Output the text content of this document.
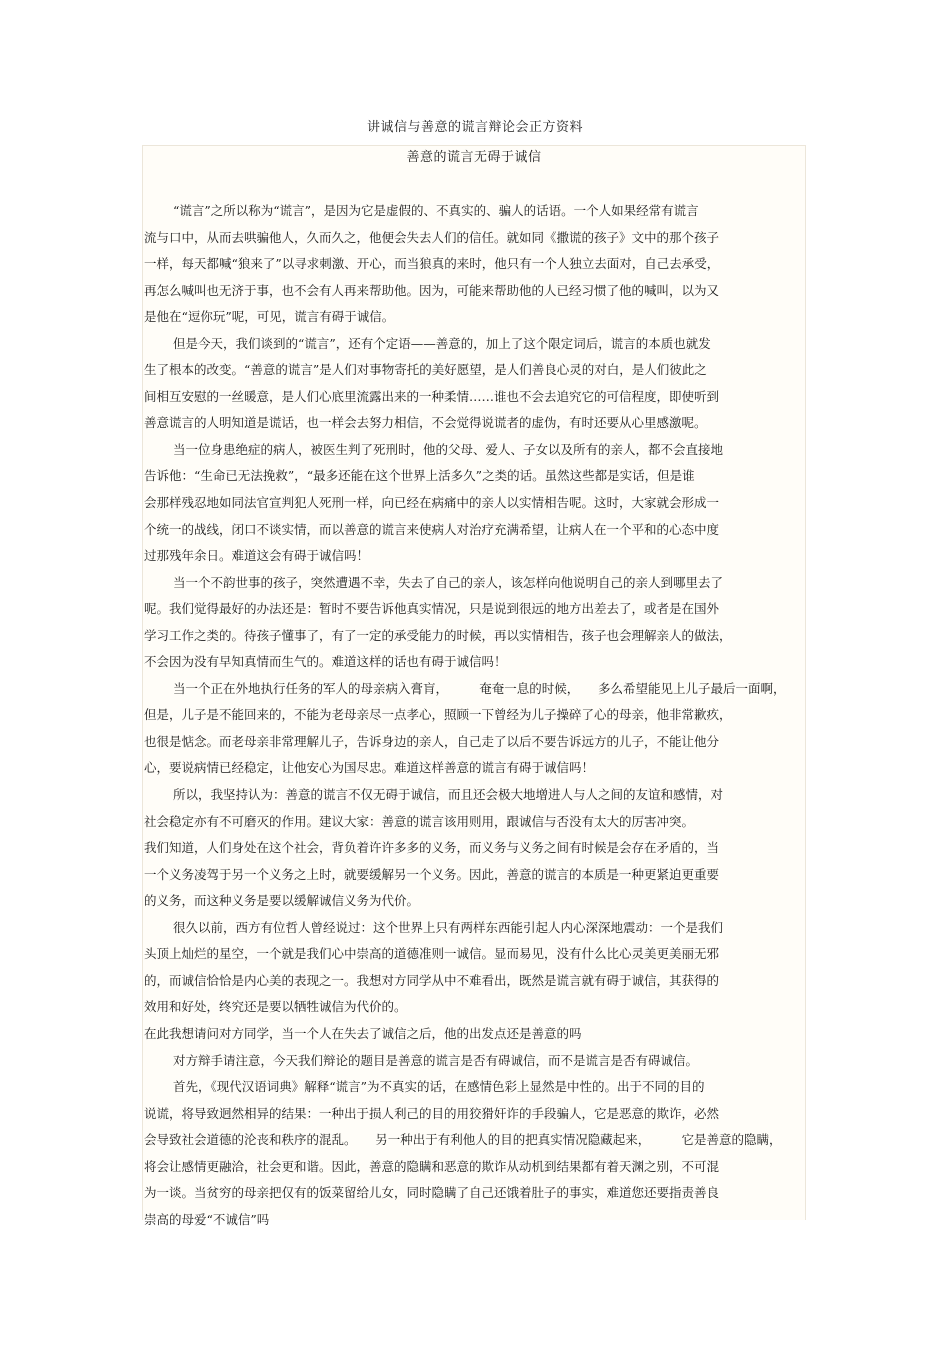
讲诚信与善意的谎言辩论会正方资料
善意的谎言无碍于诚信
“谎言”之所以称为“谎言”，是因为它是虚假的、不真实的、骗人的话语。一个人如果经常有谎言
流与口中，从而去哄骗他人，久而久之，他便会失去人们的信任。就如同《撒谎的孩子》文中的那个孩子
一样，每天都喊“狼来了”以寻求刺激、开心，而当狼真的来时，他只有一个人独立去面对，自己去承受，
再怎么喊叫也无济于事，也不会有人再来帮助他。因为，可能来帮助他的人已经习惯了他的喊叫，以为又
是他在“逗你玩”呢，可见，谎言有碍于诚信。
但是今天，我们谈到的“谎言”，还有个定语——善意的，加上了这个限定词后，谎言的本质也就发
生了根本的改变。“善意的谎言”是人们对事物寄托的美好愿望，是人们善良心灵的对白，是人们彼此之
间相互安慰的一丝暖意，是人们心底里流露出来的一种柔情……谁也不会去追究它的可信程度，即使听到
善意谎言的人明知道是谎话，也一样会去努力相信，不会觉得说谎者的虚伪，有时还要从心里感激呢。
当一位身患绝症的病人，被医生判了死刑时，他的父母、爱人、子女以及所有的亲人，都不会直接地
告诉他：“生命已无法挽救”，“最多还能在这个世界上活多久”之类的话。虽然这些都是实话，但是谁
会那样残忍地如同法官宣判犯人死刑一样，向已经在病痛中的亲人以实情相告呢。这时，大家就会形成一
个统一的战线，闭口不谈实情，而以善意的谎言来使病人对治疗充满希望，让病人在一个平和的心态中度
过那残年余日。难道这会有碍于诚信吗！
当一个不韵世事的孩子，突然遭遇不幸，失去了自己的亲人，该怎样向他说明自己的亲人到哪里去了
呢。我们觉得最好的办法还是：暂时不要告诉他真实情况，只是说到很远的地方出差去了，或者是在国外
学习工作之类的。待孩子懂事了，有了一定的承受能力的时候，再以实情相告，孩子也会理解亲人的做法，
不会因为没有早知真情而生气的。难道这样的话也有碍于诚信吗！
当一个正在外地执行任务的军人的母亲病入膏肓，　　　奄奄一息的时候，　　多么希望能见上儿子最后一面啊，
但是，儿子是不能回来的，不能为老母亲尽一点孝心，照顾一下曾经为儿子操碎了心的母亲，他非常歉疚，
也很是惦念。而老母亲非常理解儿子，告诉身边的亲人，自己走了以后不要告诉远方的儿子，不能让他分
心，要说病情已经稳定，让他安心为国尽忠。难道这样善意的谎言有碍于诚信吗！
所以，我坚持认为：善意的谎言不仅无碍于诚信，而且还会极大地增进人与人之间的友谊和感情，对
社会稳定亦有不可磨灭的作用。建议大家：善意的谎言该用则用，跟诚信与否没有太大的厉害冲突。
我们知道，人们身处在这个社会，背负着许许多多的义务，而义务与义务之间有时候是会存在矛盾的，当
一个义务凌驾于另一个义务之上时，就要缓解另一个义务。因此，善意的谎言的本质是一种更紧迫更重要
的义务，而这种义务是要以缓解诚信义务为代价。
很久以前，西方有位哲人曾经说过：这个世界上只有两样东西能引起人内心深深地震动：一个是我们
头顶上灿烂的星空，一个就是我们心中崇高的道德准则一诚信。显而易见，没有什么比心灵美更美丽无邪
的，而诚信恰恰是内心美的表现之一。我想对方同学从中不难看出，既然是谎言就有碍于诚信，其获得的
效用和好处，终究还是要以牺牲诚信为代价的。
在此我想请问对方同学，当一个人在失去了诚信之后，他的出发点还是善意的吗
对方辩手请注意，今天我们辩论的题目是善意的谎言是否有碍诚信，而不是谎言是否有碍诚信。
首先，《现代汉语词典》解释“谎言”为不真实的话，在感情色彩上显然是中性的。出于不同的目的
说谎，将导致迥然相异的结果：一种出于损人利己的目的用狡猾奸诈的手段骗人，它是恶意的欺诈，必然
会导致社会道德的沦丧和秩序的混乱。　　另一种出于有利他人的目的把真实情况隐藏起来，　　　它是善意的隐瞒，
将会让感情更融洽，社会更和谐。因此，善意的隐瞒和恶意的欺诈从动机到结果都有着天渊之别，不可混
为一谈。当贫穷的母亲把仅有的饭菜留给儿女，同时隐瞒了自己还饿着肚子的事实，难道您还要指责善良
崇高的母爱“不诚信”吗
